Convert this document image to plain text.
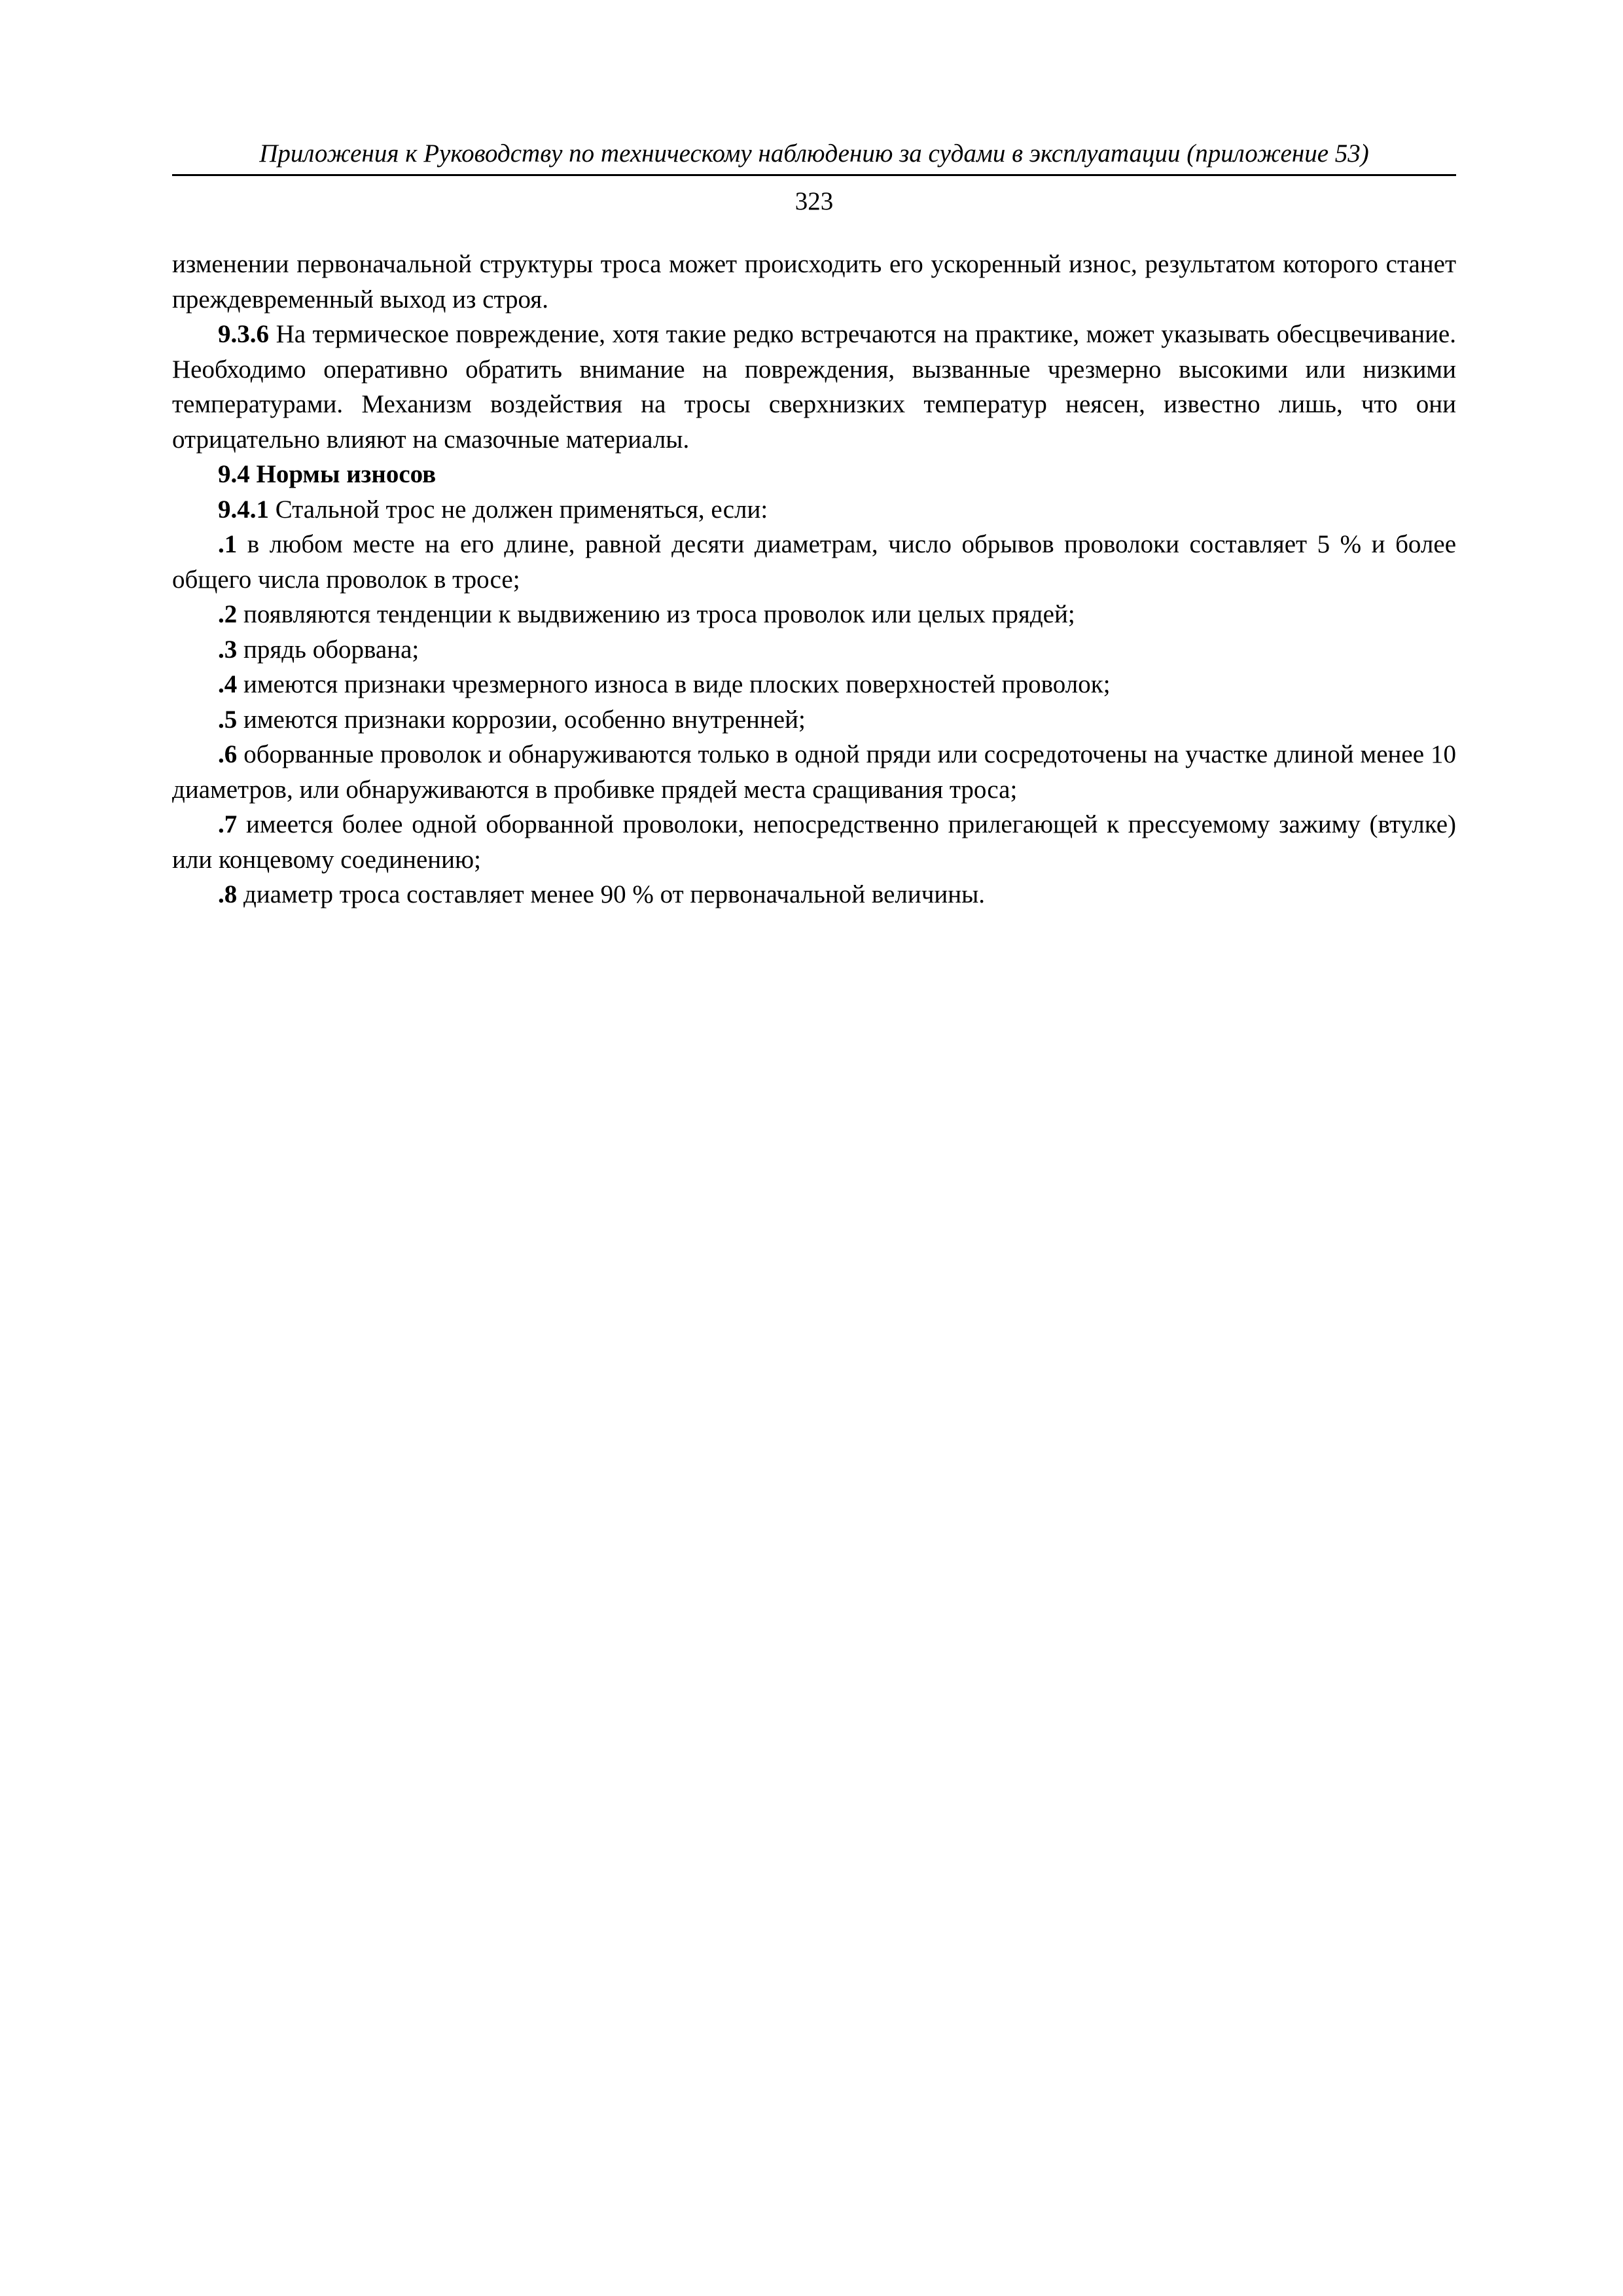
Приложения к Руководству по техническому наблюдению за судами в эксплуатации (приложение 53)
323

изменении первоначальной структуры троса может происходить его ускоренный износ, результатом которого станет преждевременный выход из строя.

9.3.6 На термическое повреждение, хотя такие редко встречаются на практике, может указывать обесцвечивание. Необходимо оперативно обратить внимание на повреждения, вызванные чрезмерно высокими или низкими температурами. Механизм воздействия на тросы сверхнизких температур неясен, известно лишь, что они отрицательно влияют на смазочные материалы.

9.4 Нормы износов

9.4.1 Стальной трос не должен применяться, если:

.1 в любом месте на его длине, равной десяти диаметрам, число обрывов проволоки составляет 5 % и более общего числа проволок в тросе;

.2 появляются тенденции к выдвижению из троса проволок или целых прядей;

.3 прядь оборвана;

.4 имеются признаки чрезмерного износа в виде плоских поверхностей проволок;

.5 имеются признаки коррозии, особенно внутренней;

.6 оборванные проволок и обнаруживаются только в одной пряди или сосредоточены на участке длиной менее 10 диаметров, или обнаруживаются в пробивке прядей места сращивания троса;

.7 имеется более одной оборванной проволоки, непосредственно прилегающей к прессуемому зажиму (втулке) или концевому соединению;

.8 диаметр троса составляет менее 90 % от первоначальной величины.
